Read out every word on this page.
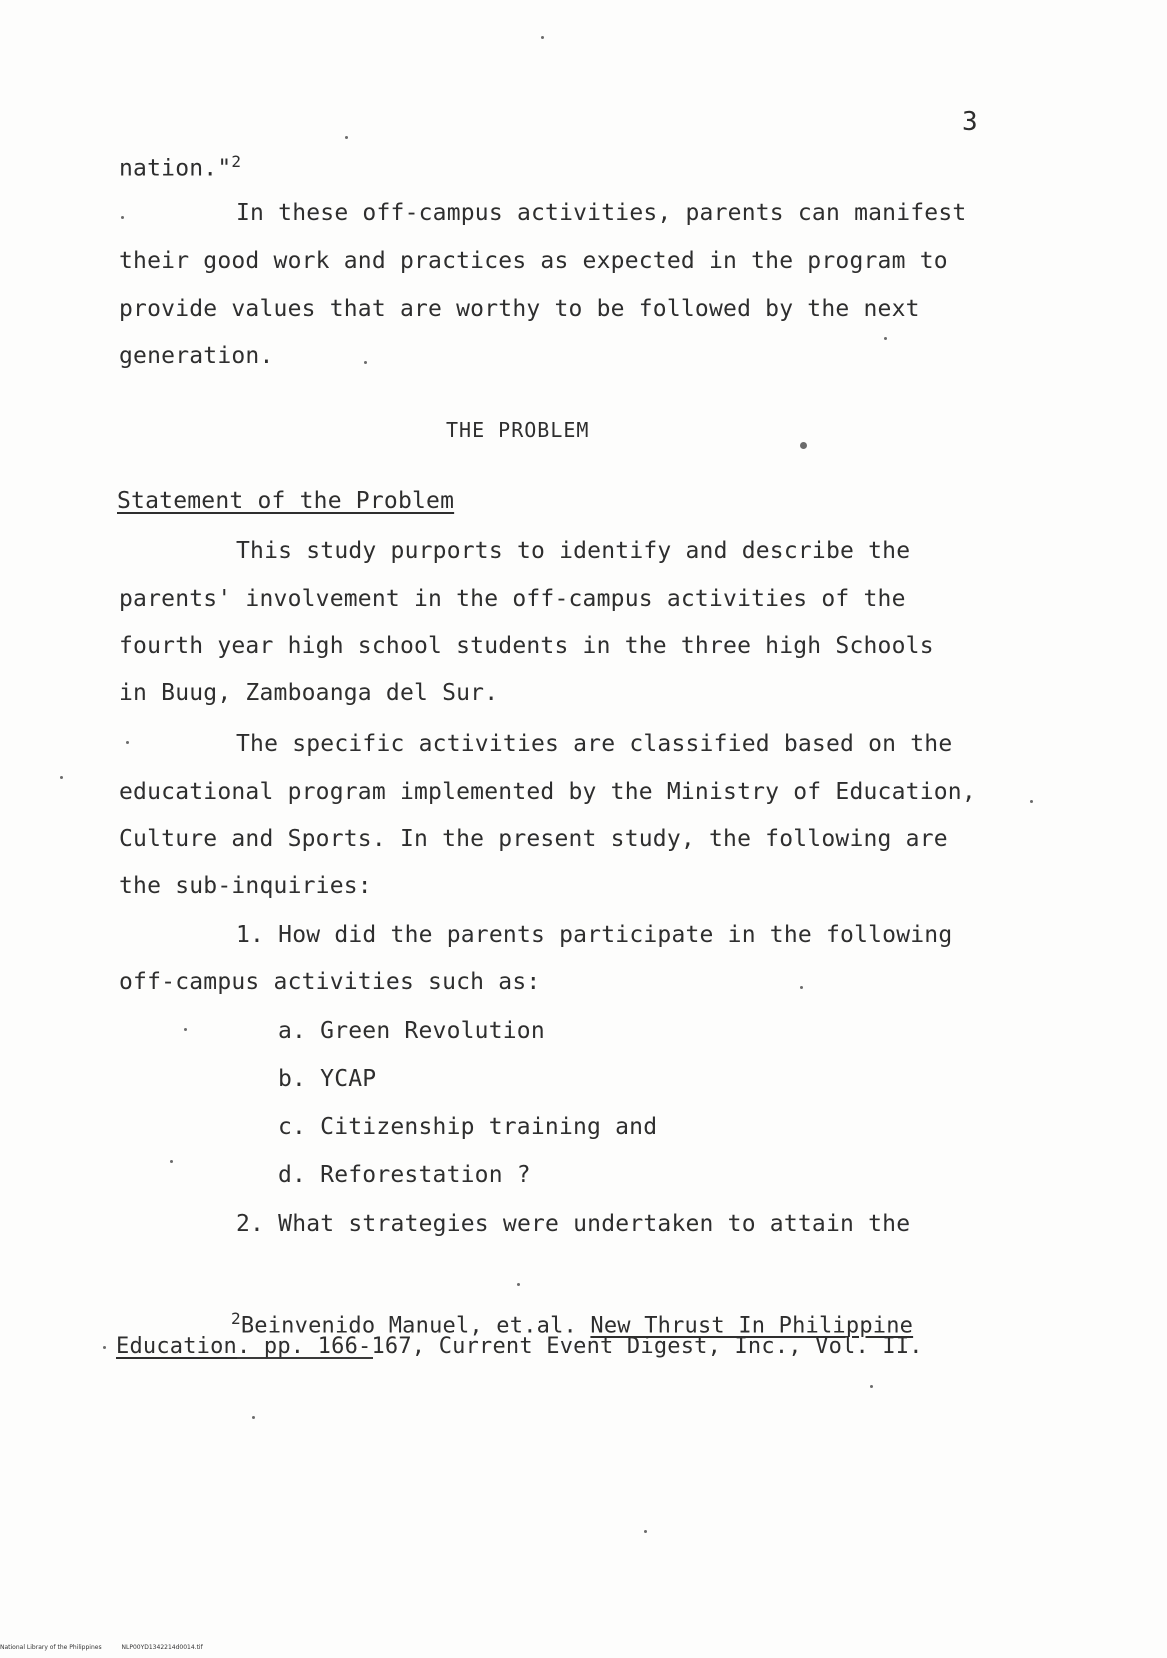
3
nation."$^2$
In these off-campus activities, parents can manifest
their good work and practices as expected in the program to
provide values that are worthy to be followed by the next
generation.
THE PROBLEM
Statement of the Problem
This study purports to identify and describe the
parents' involvement in the off-campus activities of the
fourth year high school students in the three high Schools
in Buug, Zamboanga del Sur.
The specific activities are classified based on the
educational program implemented by the Ministry of Education,
Culture and Sports. In the present study, the following are
the sub-inquiries:
1. How did the parents participate in the following
off-campus activities such as:
a. Green Revolution
b. YCAP
c. Citizenship training and
d. Reforestation ?
2. What strategies were undertaken to attain the
$^2$Beinvenido Manuel, et.al. New Thrust In Philippine
Education. pp. 166-167, Current Event Digest, Inc., Vol. II.
National Library of the Philippines	NLP00YD1342214d0014.tif
